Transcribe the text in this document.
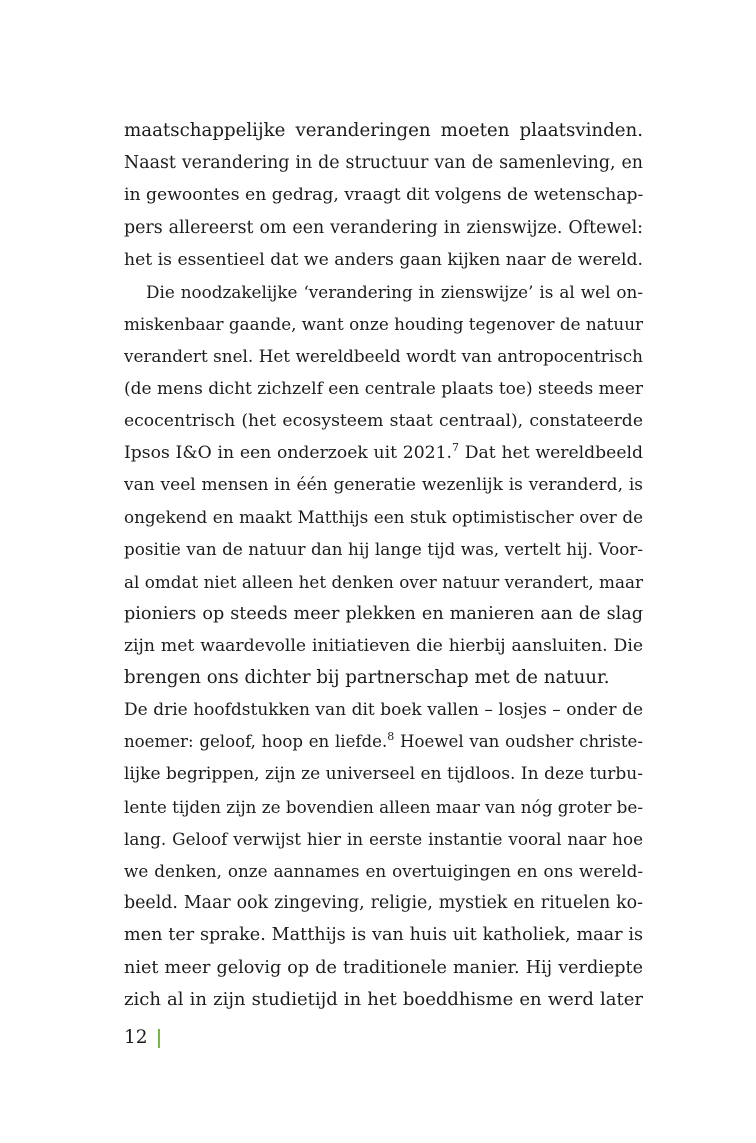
maatschappelijke veranderingen moeten plaatsvinden.
Naast verandering in de structuur van de samenleving, en
in gewoontes en gedrag, vraagt dit volgens de wetenschap-
pers allereerst om een verandering in zienswijze. Oftewel:
het is essentieel dat we anders gaan kijken naar de wereld.
Die noodzakelijke ‘verandering in zienswijze’ is al wel on-
miskenbaar gaande, want onze houding tegenover de natuur
verandert snel. Het wereldbeeld wordt van antropocentrisch
(de mens dicht zichzelf een centrale plaats toe) steeds meer
ecocentrisch (het ecosysteem staat centraal), constateerde
Ipsos I&O in een onderzoek uit 2021.$^7$ Dat het wereldbeeld
van veel mensen in één generatie wezenlijk is veranderd, is
ongekend en maakt Matthijs een stuk optimistischer over de
positie van de natuur dan hij lange tijd was, vertelt hij. Voor-
al omdat niet alleen het denken over natuur verandert, maar
pioniers op steeds meer plekken en manieren aan de slag
zijn met waardevolle initiatieven die hierbij aansluiten. Die
brengen ons dichter bij partnerschap met de natuur.
De drie hoofdstukken van dit boek vallen – losjes – onder de
noemer: geloof, hoop en liefde.$^8$ Hoewel van oudsher christe-
lijke begrippen, zijn ze universeel en tijdloos. In deze turbu-
lente tijden zijn ze bovendien alleen maar van nóg groter be-
lang. Geloof verwijst hier in eerste instantie vooral naar hoe
we denken, onze aannames en overtuigingen en ons wereld-
beeld. Maar ook zingeving, religie, mystiek en rituelen ko-
men ter sprake. Matthijs is van huis uit katholiek, maar is
niet meer gelovig op de traditionele manier. Hij verdiepte
zich al in zijn studietijd in het boeddhisme en werd later
12
